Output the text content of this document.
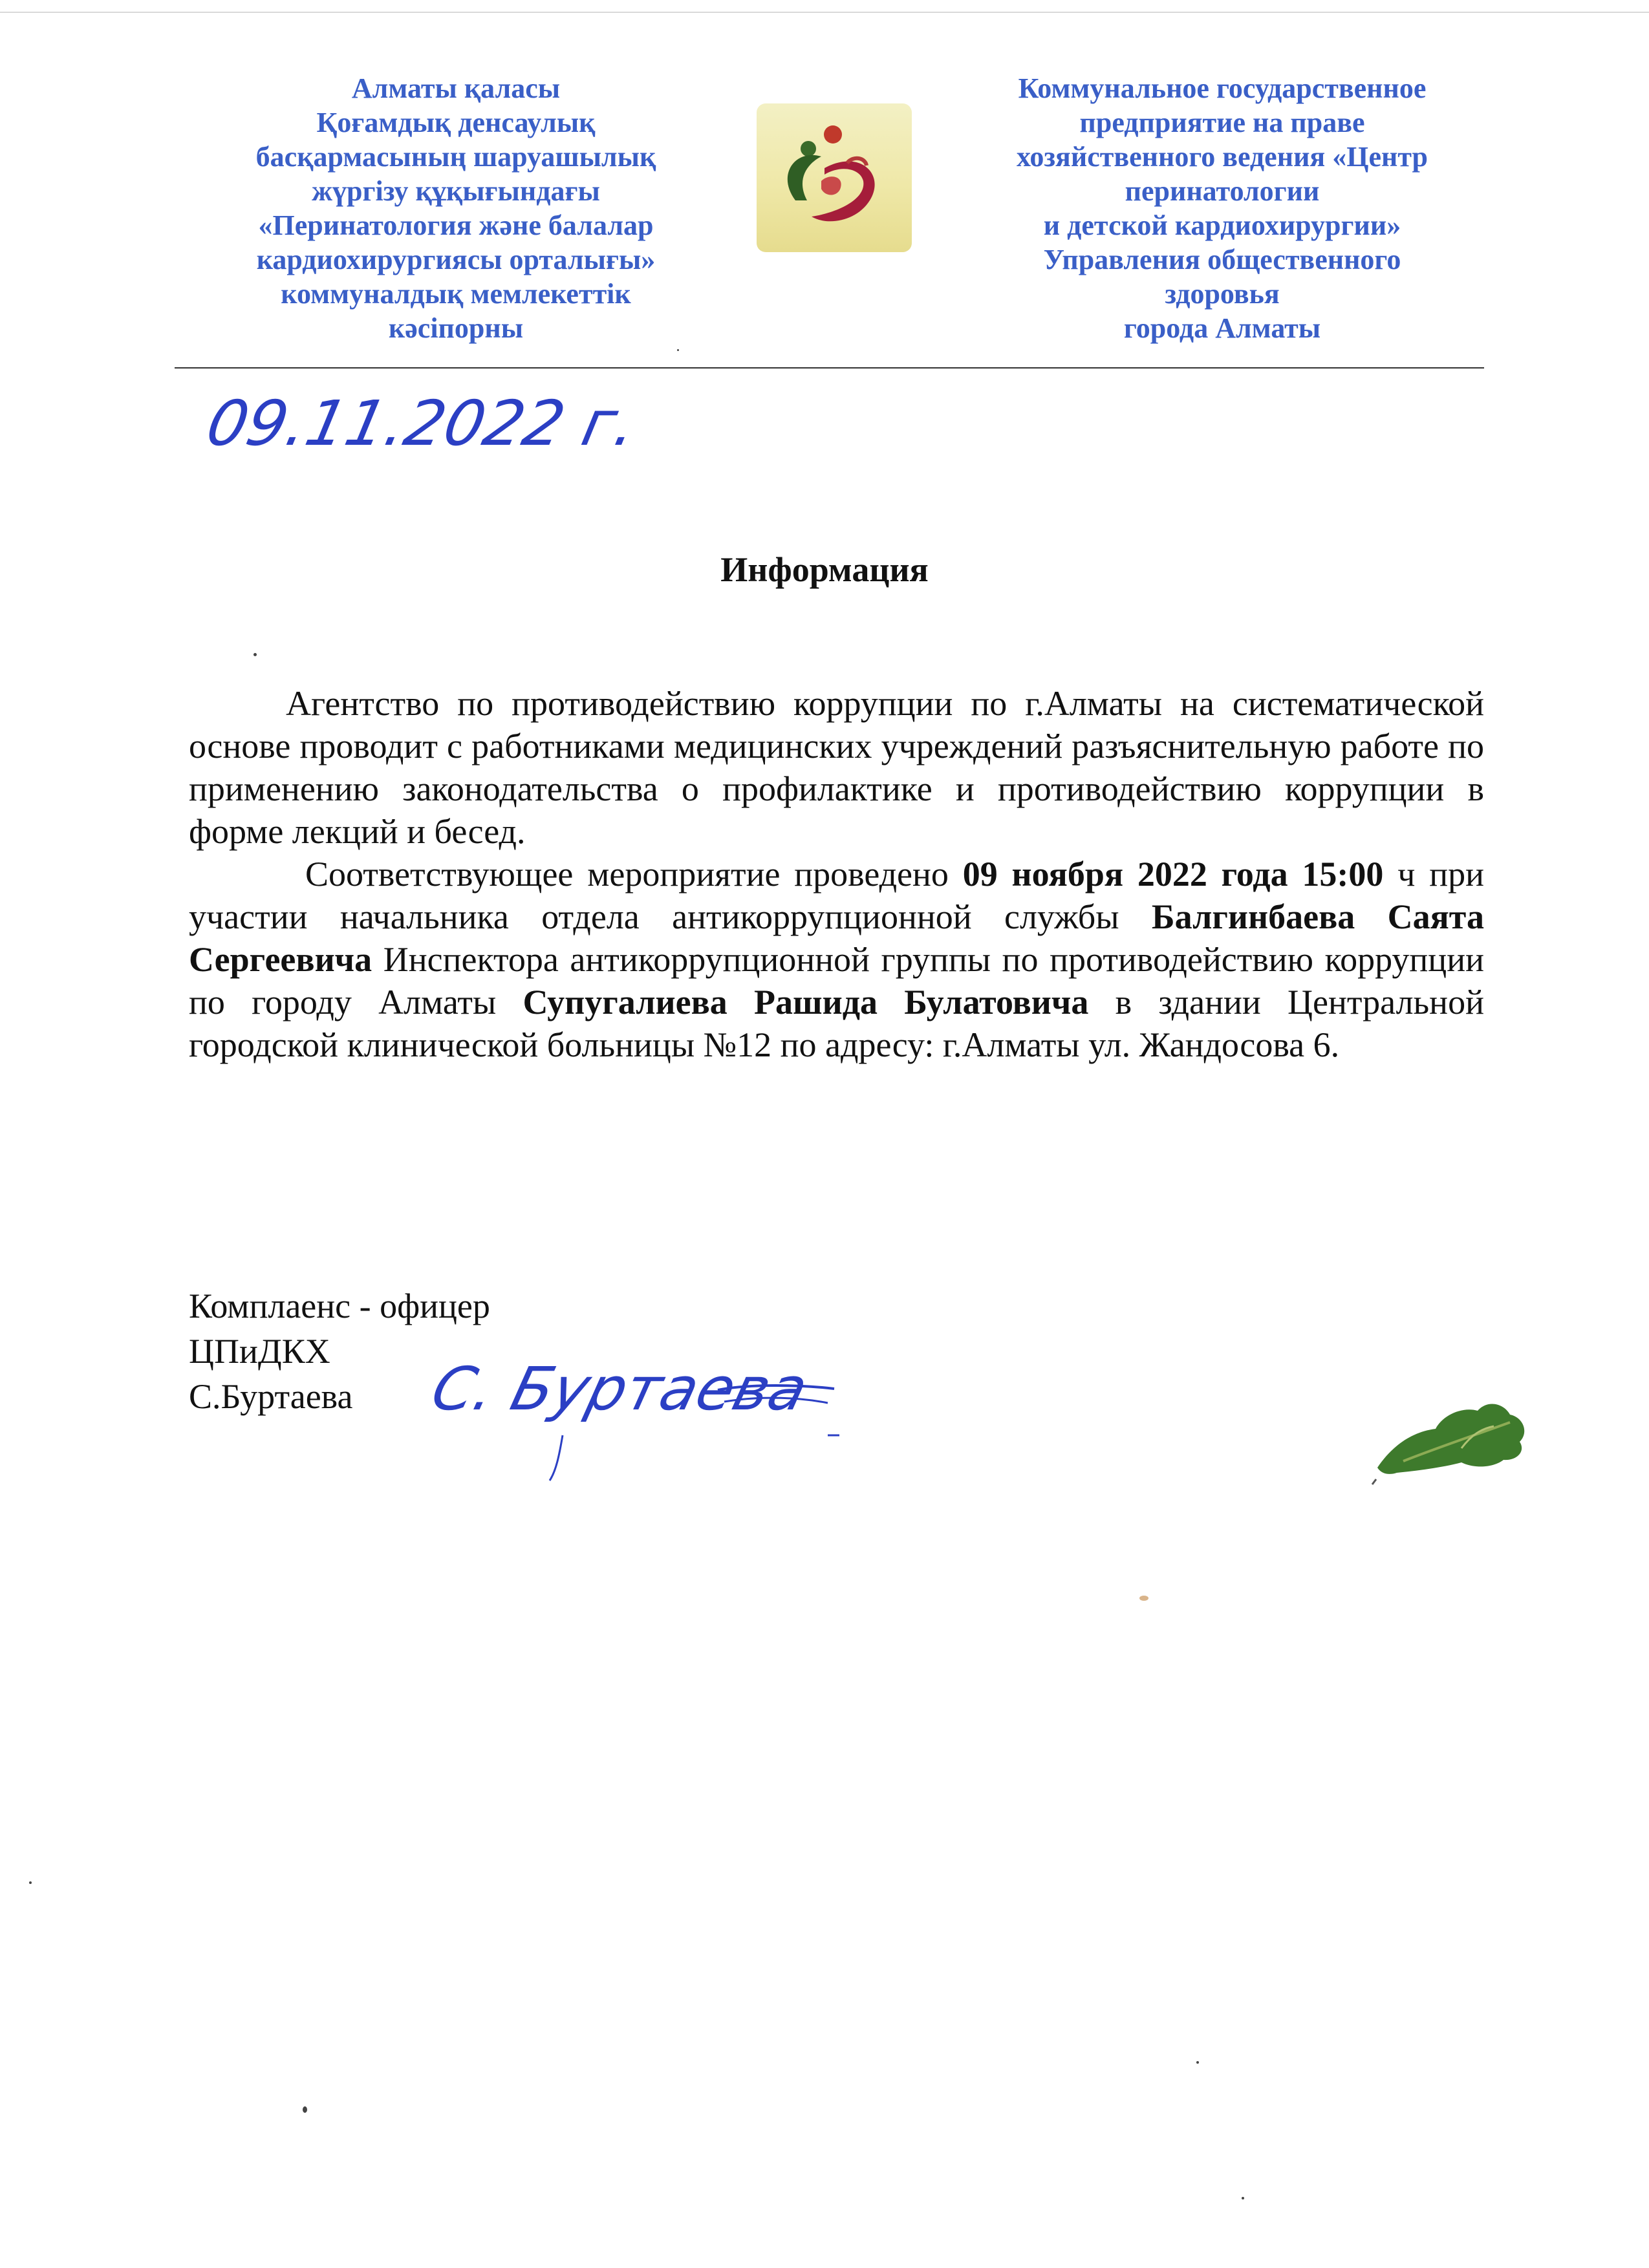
Алматы қаласы
Қоғамдық денсаулық
басқармасының шаруашылық
жүргізу құқығындағы
«Перинатология және балалар
кардиохирургиясы орталығы»
коммуналдық мемлекеттік
кәсіпорны
Коммунальное государственное
предприятие на праве
хозяйственного ведения «Центр
перинатологии
и детской кардиохирургии»
Управления общественного
здоровья
города Алматы
09.11.2022 г.
Информация

Агентство по противодействию коррупции по г.Алматы на систематической основе проводит с работниками медицинских учреждений разъяснительную работе по применению законодательства о профилактике и противодействию коррупции в форме лекций и бесед.

Соответствующее мероприятие проведено 09 ноября 2022 года 15:00 ч при участии начальника отдела антикоррупционной службы Балгинбаева Саята Сергеевича Инспектора антикоррупционной группы по противодействию коррупции по городу Алматы Супугалиева Рашида Булатовича в здании Центральной городской клинической больницы №12 по адресу: г.Алматы ул. Жандосова 6.

Комплаенс - офицер
ЦПиДКХ
С.Буртаева	С. Буртаева
